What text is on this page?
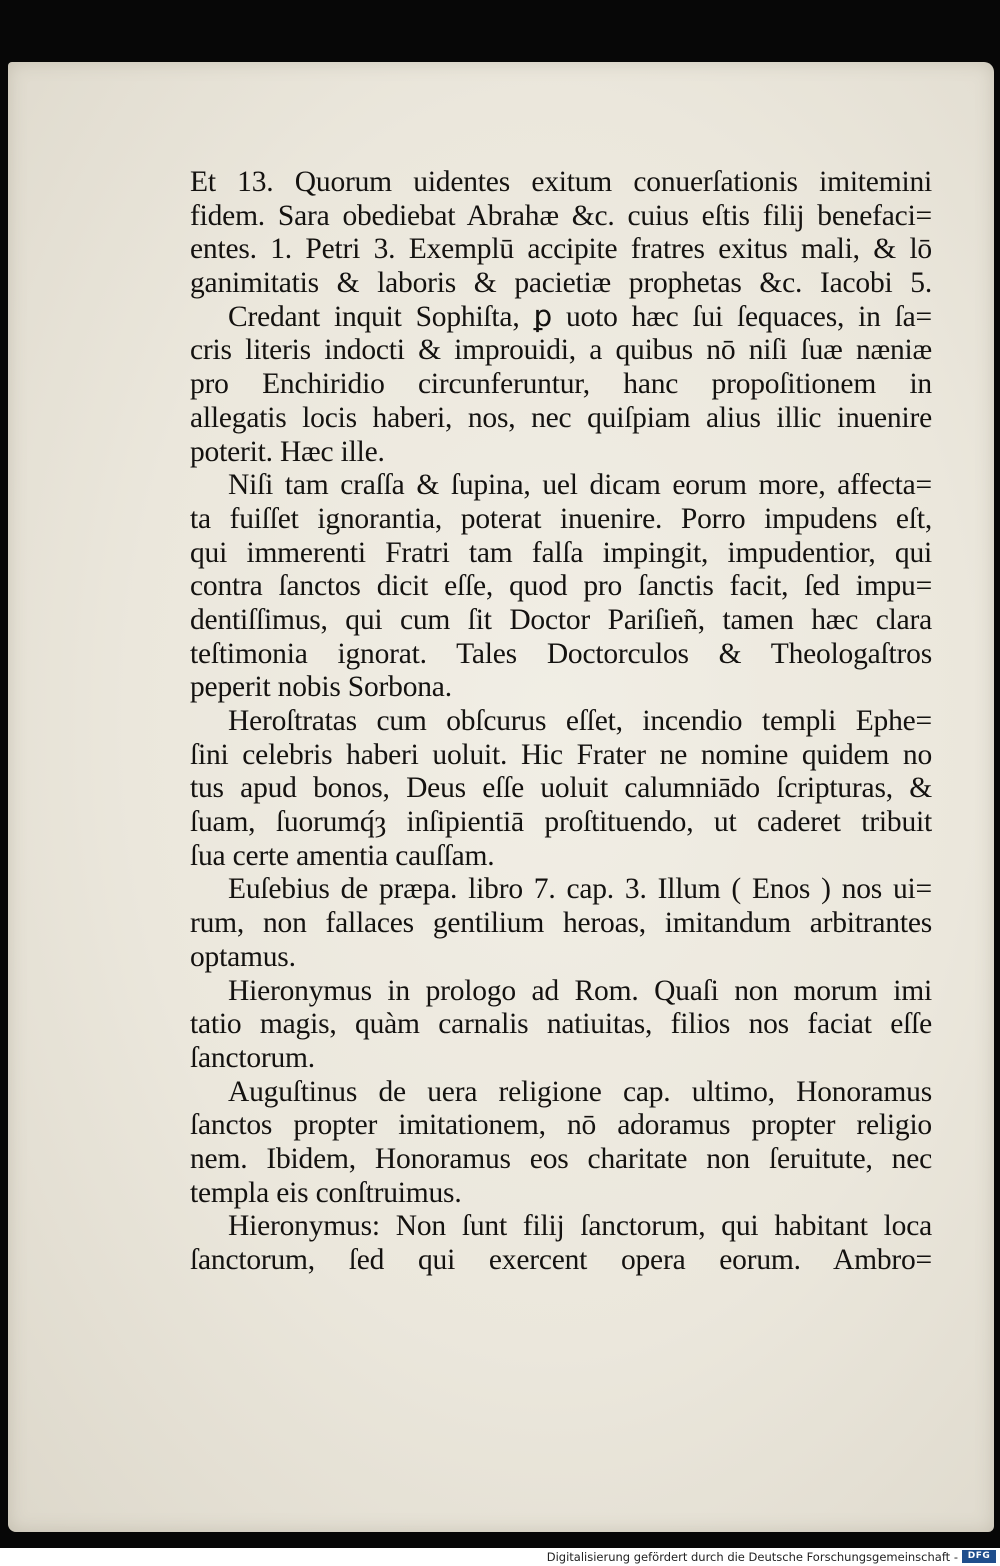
Et 13. Quorum uidentes exitum conuerſationis imitemini
fidem. Sara obediebat Abrahæ &c. cuius eſtis filij benefaci=
entes. 1. Petri 3. Exemplū accipite fratres exitus mali, & lō
ganimitatis & laboris & pacietiæ prophetas &c. Iacobi 5.
Credant inquit Sophiſta, ꝑ uoto hæc ſui ſequaces, in ſa=
cris literis indocti & improuidi, a quibus nō niſi ſuæ næniæ
pro Enchiridio circunferuntur, hanc propoſitionem in
allegatis locis haberi, nos, nec quiſpiam alius illic inuenire
poterit. Hæc ille.
Niſi tam craſſa & ſupina, uel dicam eorum more, affecta=
ta fuiſſet ignorantia, poterat inuenire. Porro impudens eſt,
qui immerenti Fratri tam falſa impingit, impudentior, qui
contra ſanctos dicit eſſe, quod pro ſanctis facit, ſed impu=
dentiſſimus, qui cum ſit Doctor Pariſieñ, tamen hæc clara
teſtimonia ignorat. Tales Doctorculos & Theologaſtros
peperit nobis Sorbona.
Heroſtratas cum obſcurus eſſet, incendio templi Ephe=
ſini celebris haberi uoluit. Hic Frater ne nomine quidem no
tus apud bonos, Deus eſſe uoluit calumniādo ſcripturas, &
ſuam, ſuorumq́ȝ inſipientiā proſtituendo, ut caderet tribuit
ſua certe amentia cauſſam.
Euſebius de præpa. libro 7. cap. 3. Illum ( Enos ) nos ui=
rum, non fallaces gentilium heroas, imitandum arbitrantes
optamus.
Hieronymus in prologo ad Rom. Quaſi non morum imi
tatio magis, quàm carnalis natiuitas, filios nos faciat eſſe
ſanctorum.
Auguſtinus de uera religione cap. ultimo, Honoramus
ſanctos propter imitationem, nō adoramus propter religio
nem. Ibidem, Honoramus eos charitate non ſeruitute, nec
templa eis conſtruimus.
Hieronymus: Non ſunt filij ſanctorum, qui habitant loca
ſanctorum, ſed qui exercent opera eorum. Ambro=
Digitalisierung gefördert durch die Deutsche Forschungsgemeinschaft -	DFG
